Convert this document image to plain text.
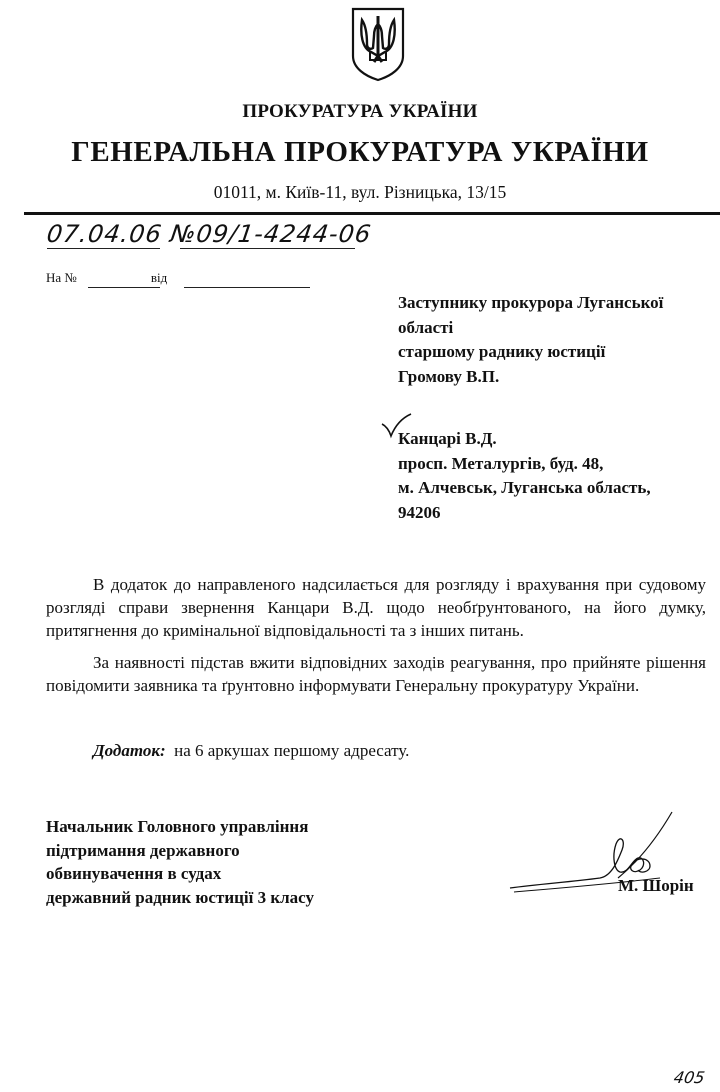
ПРОКУРАТУРА УКРАЇНИ
ГЕНЕРАЛЬНА ПРОКУРАТУРА УКРАЇНИ
01011, м. Київ-11, вул. Різницька, 13/15
07.04.06 №09/1-4244-06
На №	від
Заступнику прокурора Луганської
області
старшому раднику юстиції
Громову В.П.
Канцарі В.Д.
просп. Металургів, буд. 48,
м. Алчевськ, Луганська область,
94206
В додаток до направленого надсилається для розгляду і врахування при судовому розгляді справи звернення Канцари В.Д. щодо необґрунтованого, на його думку, притягнення до кримінальної відповідальності та з інших питань.
За наявності підстав вжити відповідних заходів реагування, про прийняте рішення повідомити заявника та ґрунтовно інформувати Генеральну прокуратуру України.
Додаток: на 6 аркушах першому адресату.
Начальник Головного управління
підтримання державного
обвинувачення в судах
державний радник юстиції 3 класу
М. Шорін
405
